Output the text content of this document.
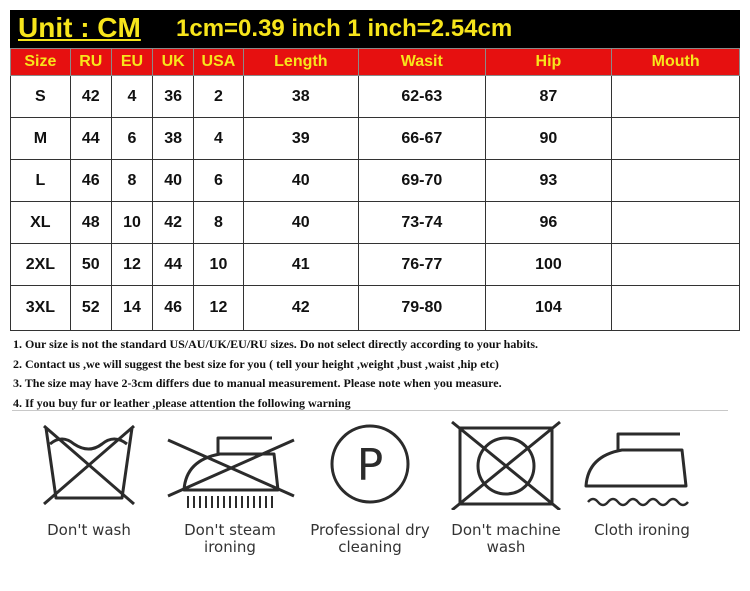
Unit : CM 1cm=0.39 inch 1 inch=2.54cm
Size	RU	EU	UK	USA	Length	Wasit	Hip	Mouth
S	42	4	36	2	38	62-63	87	
M	44	6	38	4	39	66-67	90	
L	46	8	40	6	40	69-70	93	
XL	48	10	42	8	40	73-74	96	
2XL	50	12	44	10	41	76-77	100	
3XL	52	14	46	12	42	79-80	104	
1. Our size is not the standard US/AU/UK/EU/RU sizes. Do not select directly according to your habits.
2. Contact us ,we will suggest the best size for you ( tell your height ,weight ,bust ,waist ,hip etc)
3. The size may have 2-3cm differs due to manual measurement. Please note when you measure.
4. If you buy fur or leather ,please attention the following warning
Don't wash	Don't steam
ironing
P
Professional dry
cleaning
Don't machine
wash
Cloth ironing
